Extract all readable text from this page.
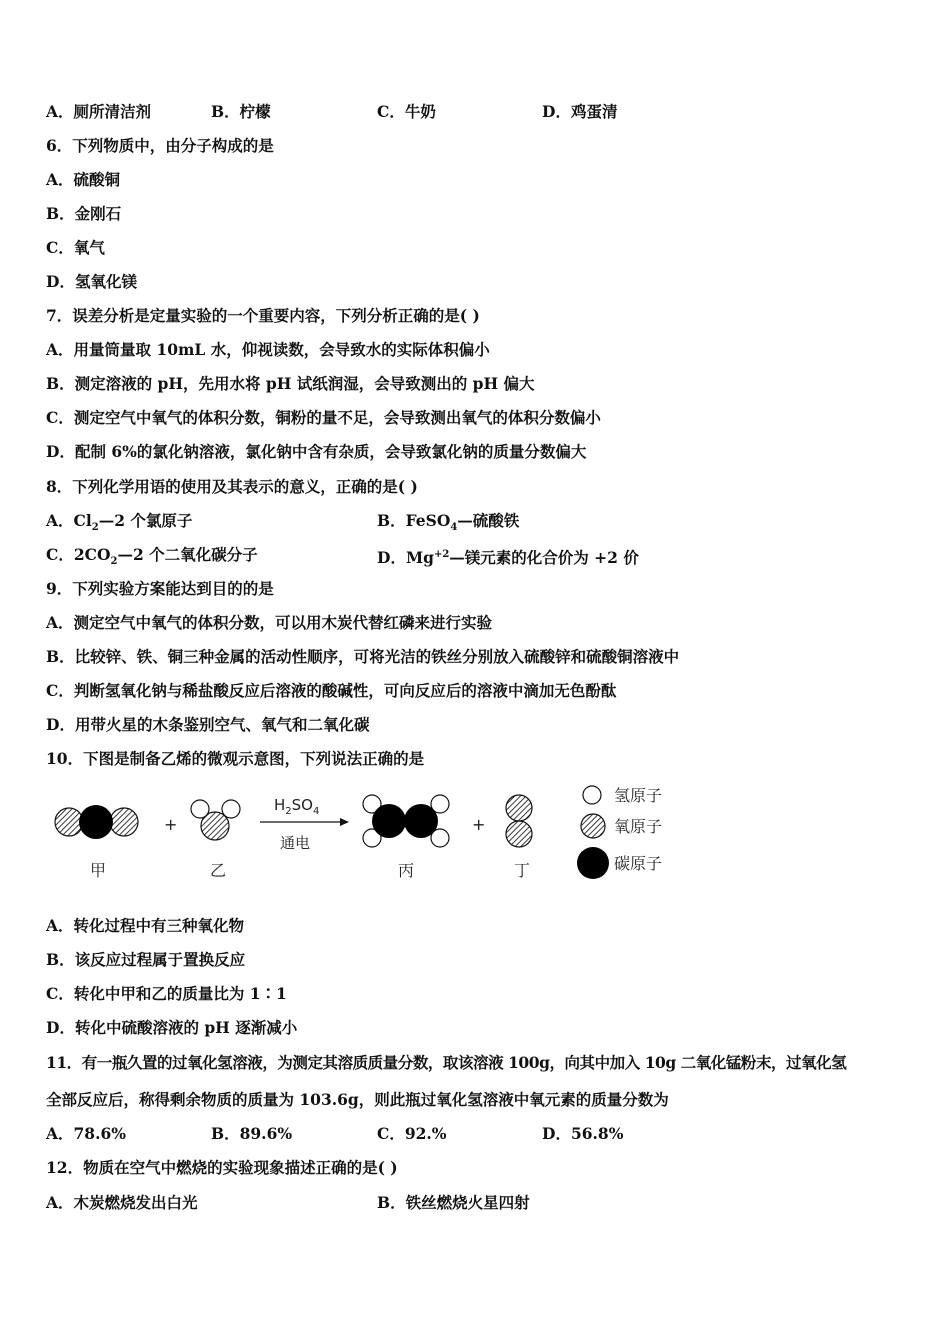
A．厕所清洁剂	B．柠檬	C．牛奶	D．鸡蛋清
6．下列物质中，由分子构成的是
A．硫酸铜
B．金刚石
C．氧气
D．氢氧化镁
7．误差分析是定量实验的一个重要内容，下列分析正确的是( )
A．用量筒量取 10mL 水，仰视读数，会导致水的实际体积偏小
B．测定溶液的 pH，先用水将 pH 试纸润湿，会导致测出的 pH 偏大
C．测定空气中氧气的体积分数，铜粉的量不足，会导致测出氧气的体积分数偏小
D．配制 6%的氯化钠溶液，氯化钠中含有杂质，会导致氯化钠的质量分数偏大
8．下列化学用语的使用及其表示的意义，正确的是( )
A．$Cl_2—2$ 个氯原子	B．FeSO$_4$—硫酸铁
C．$2CO_2—2$ 个二氧化碳分子	D．$Mg^{+2}—$镁元素的化合价为 +2 价
9．下列实验方案能达到目的的是
A．测定空气中氧气的体积分数，可以用木炭代替红磷来进行实验
B．比较锌、铁、铜三种金属的活动性顺序，可将光洁的铁丝分别放入硫酸锌和硫酸铜溶液中
C．判断氢氧化钠与稀盐酸反应后溶液的酸碱性，可向反应后的溶液中滴加无色酚酞
D．用带火星的木条鉴别空气、氧气和二氧化碳
10．下图是制备乙烯的微观示意图，下列说法正确的是
+
$H_2SO_4$
通电
+
甲	乙	丙	丁
氢原子
氧原子
碳原子
A．转化过程中有三种氧化物
B．该反应过程属于置换反应
C．转化中甲和乙的质量比为 1∶1
D．转化中硫酸溶液的 pH 逐渐减小
11．有一瓶久置的过氧化氢溶液，为测定其溶质质量分数，取该溶液 100g，向其中加入 10g 二氧化锰粉末，过氧化氢
全部反应后，称得剩余物质的质量为 103.6g，则此瓶过氧化氢溶液中氧元素的质量分数为
A．78.6%	B．89.6%	C．92.%	D．56.8%
12．物质在空气中燃烧的实验现象描述正确的是( )
A．木炭燃烧发出白光	B．铁丝燃烧火星四射
